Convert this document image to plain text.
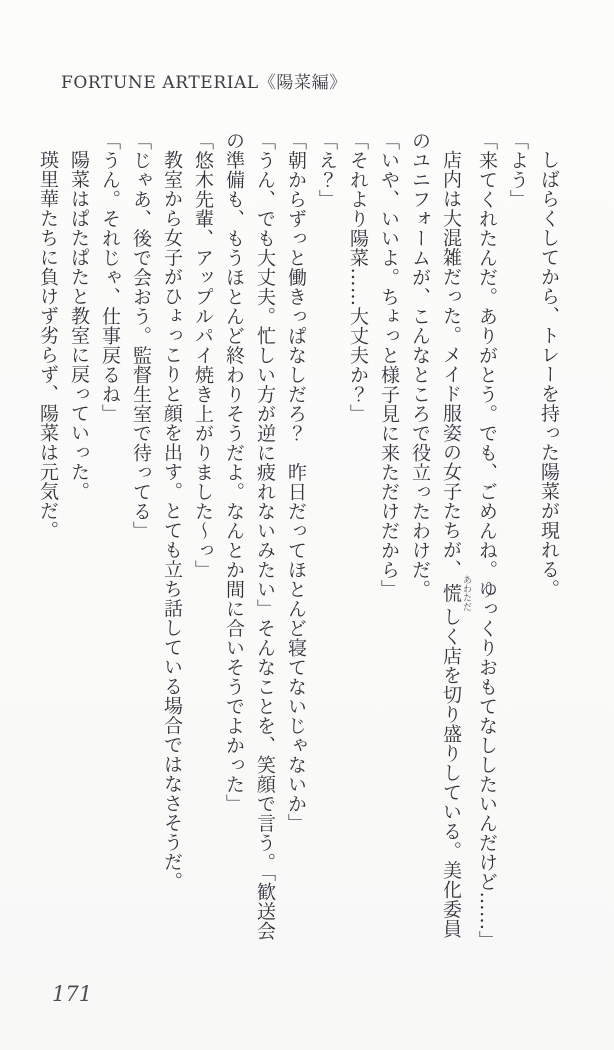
FORTUNE ARTERIAL《陽菜編》

しばらくしてから、トレーを持った陽菜が現れる。

「よう」

「来てくれたんだ。ありがとう。でも、ごめんね。ゆっくりおもてなししたいんだけど……」

店内は大混雑だった。メイド服姿の女子たちが、慌 あわただしく店を切り盛りしている。美化委員のユニフォームが、こんなところで役立ったわけだ。

「いや、いいよ。ちょっと様子見に来ただけだから」

「それより陽菜……大丈夫か？」

「え？」

「朝からずっと働きっぱなしだろ？　昨日だってほとんど寝てないじゃないか」

「うん、でも大丈夫。忙しい方が逆に疲れないみたい」そんなことを、笑顔で言う。「歓送会の準備も、もうほとんど終わりそうだよ。なんとか間に合いそうでよかった」

「悠木先輩、アップルパイ焼き上がりました〜っ」

教室から女子がひょっこりと顔を出す。とても立ち話している場合ではなさそうだ。

「じゃあ、後で会おう。監督生室で待ってる」

「うん。それじゃ、仕事戻るね」

陽菜はぱたぱたと教室に戻っていった。

瑛里華たちに負けず劣らず、陽菜は元気だ。

171
